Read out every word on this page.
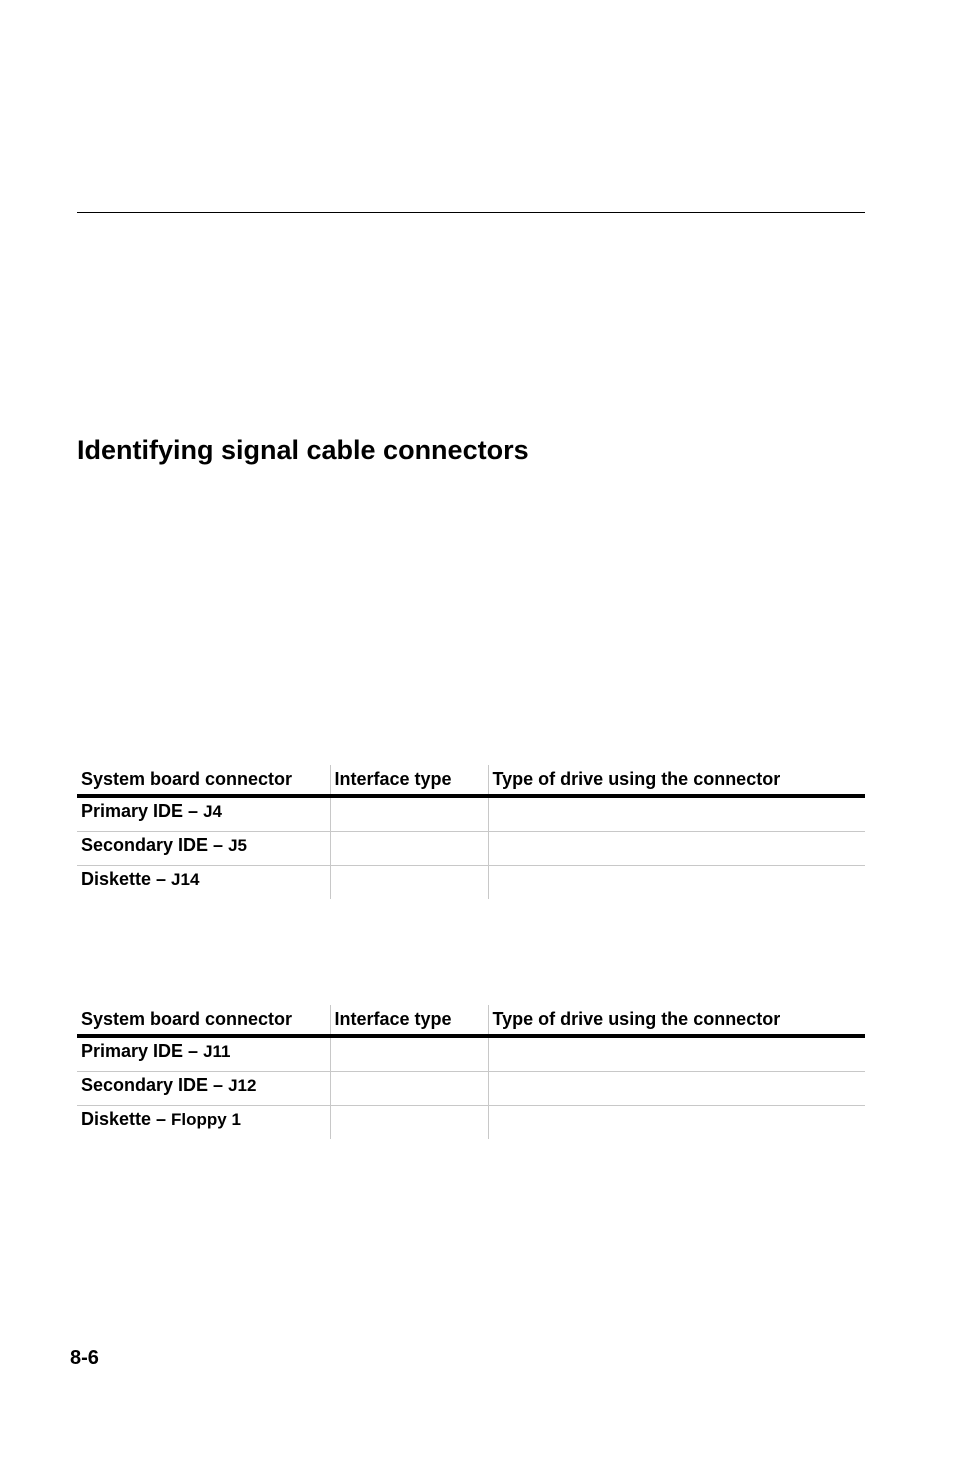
Identifying signal cable connectors
System board connector	Interface type	Type of drive using the connector
Primary IDE – J4		
Secondary IDE – J5		
Diskette – J14		
System board connector	Interface type	Type of drive using the connector
Primary IDE – J11		
Secondary IDE – J12		
Diskette – Floppy 1		
8-6
